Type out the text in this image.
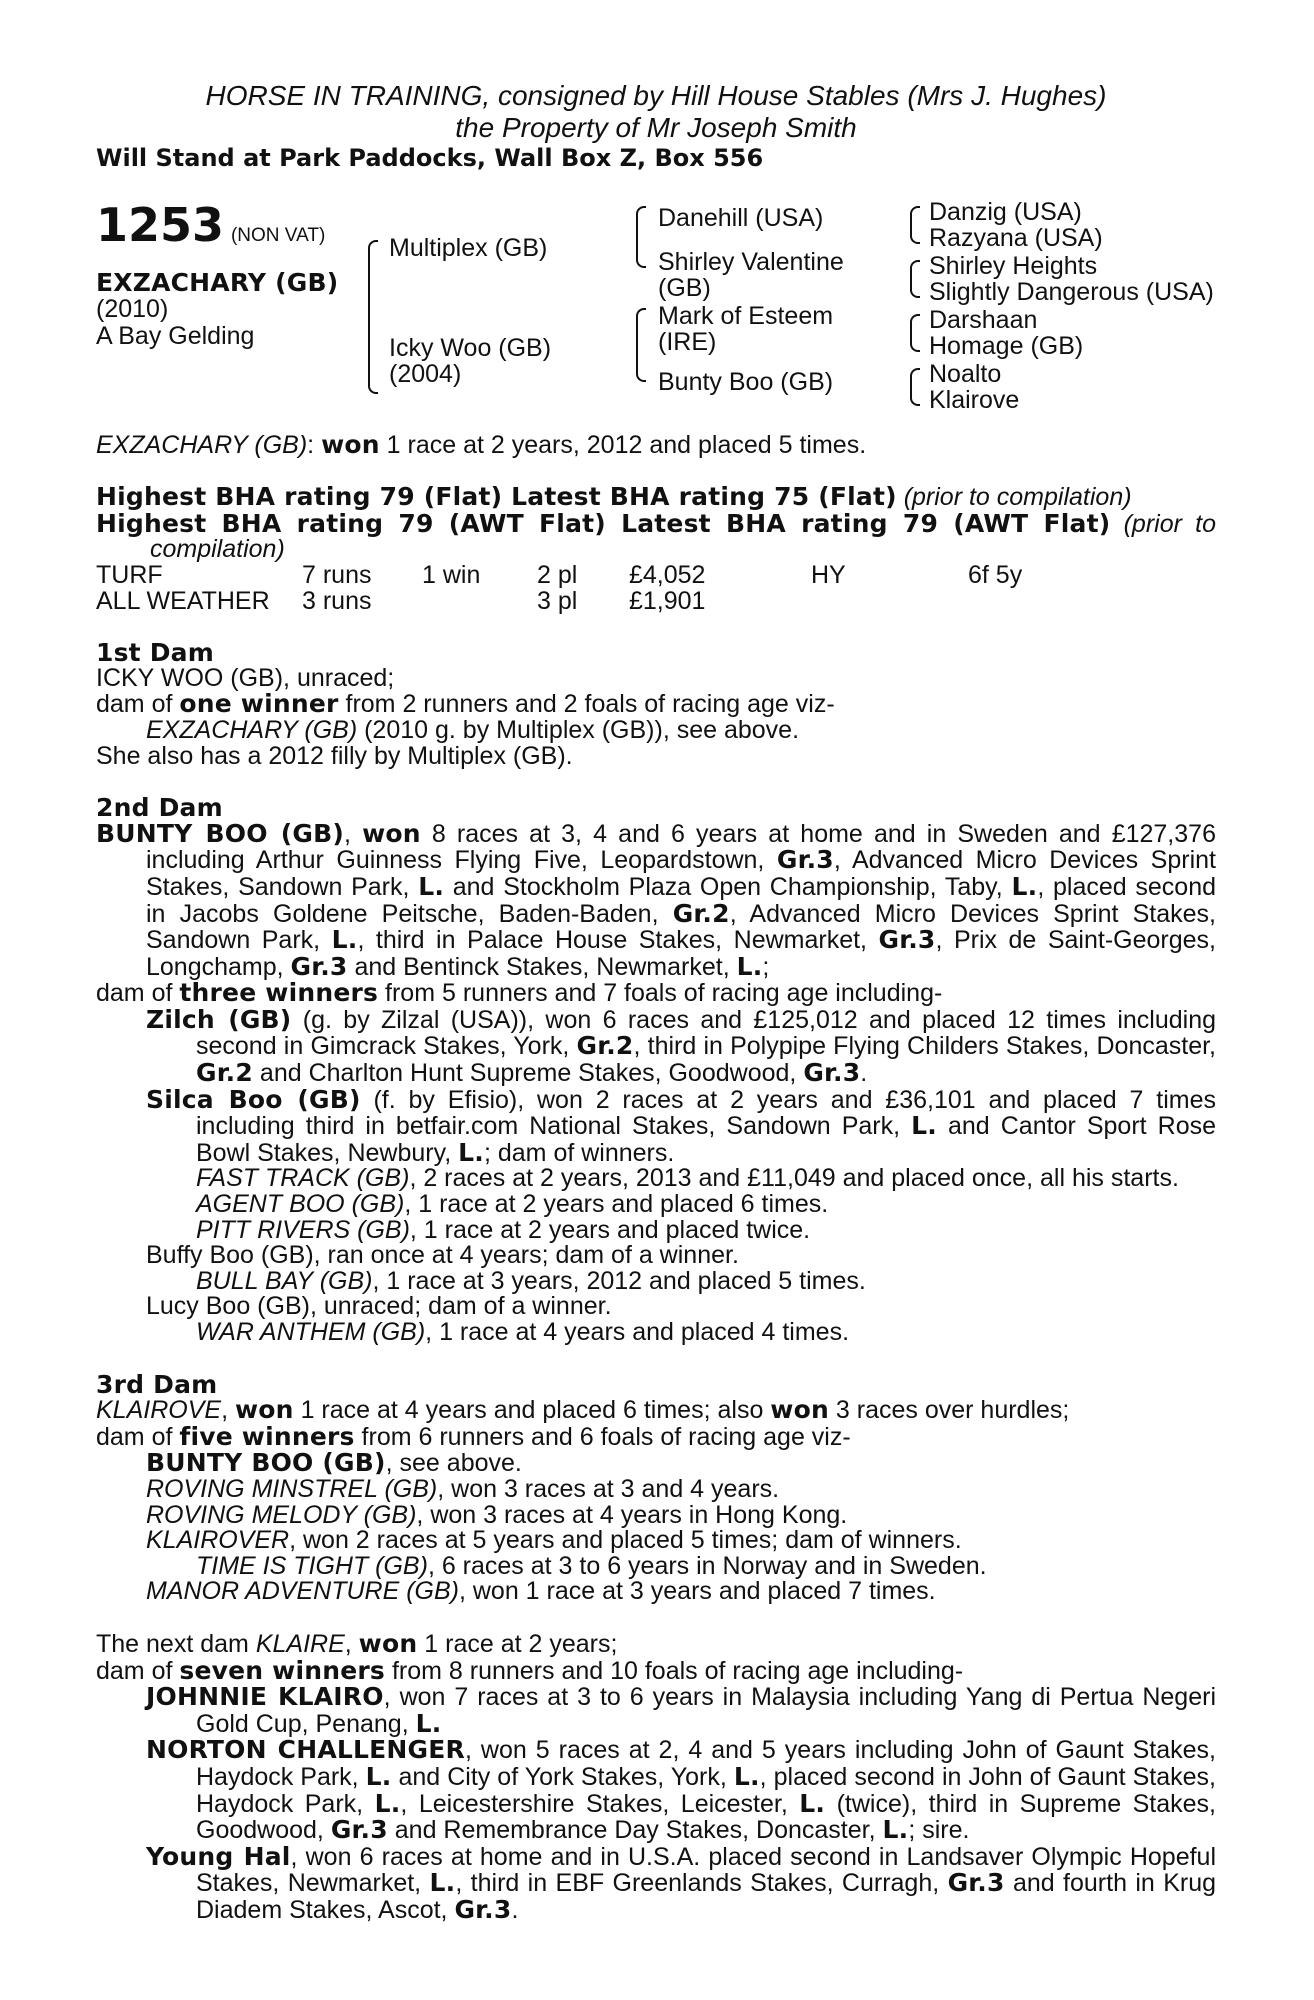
HORSE IN TRAINING, consigned by Hill House Stables (Mrs J. Hughes)
the Property of Mr Joseph Smith
Will Stand at Park Paddocks, Wall Box Z, Box 556
1253 (NON VAT)
EXZACHARY (GB)
(2010)
A Bay Gelding
Multiplex (GB)
Icky Woo (GB)
(2004)
Danehill (USA)
Shirley Valentine
(GB)
Mark of Esteem
(IRE)
Bunty Boo (GB)
Danzig (USA)
Razyana (USA)
Shirley Heights
Slightly Dangerous (USA)
Darshaan
Homage (GB)
Noalto
Klairove
EXZACHARY (GB): won 1 race at 2 years, 2012 and placed 5 times.
Highest BHA rating 79 (Flat) Latest BHA rating 75 (Flat) (prior to compilation)
Highest BHA rating 79 (AWT Flat) Latest BHA rating 79 (AWT Flat) (prior to compilation)
TURF	7 runs	1 win	2 pl	£4,052	HY	6f 5y
ALL WEATHER	3 runs	3 pl	£1,901
1st Dam
ICKY WOO (GB), unraced;
dam of one winner from 2 runners and 2 foals of racing age viz-
EXZACHARY (GB) (2010 g. by Multiplex (GB)), see above.
She also has a 2012 filly by Multiplex (GB).
2nd Dam
BUNTY BOO (GB), won 8 races at 3, 4 and 6 years at home and in Sweden and £127,376 including Arthur Guinness Flying Five, Leopardstown, Gr.3, Advanced Micro Devices Sprint Stakes, Sandown Park, L. and Stockholm Plaza Open Championship, Taby, L., placed second in Jacobs Goldene Peitsche, Baden-Baden, Gr.2, Advanced Micro Devices Sprint Stakes, Sandown Park, L., third in Palace House Stakes, Newmarket, Gr.3, Prix de Saint-Georges, Longchamp, Gr.3 and Bentinck Stakes, Newmarket, L.;
dam of three winners from 5 runners and 7 foals of racing age including-
Zilch (GB) (g. by Zilzal (USA)), won 6 races and £125,012 and placed 12 times including second in Gimcrack Stakes, York, Gr.2, third in Polypipe Flying Childers Stakes, Doncaster, Gr.2 and Charlton Hunt Supreme Stakes, Goodwood, Gr.3.
Silca Boo (GB) (f. by Efisio), won 2 races at 2 years and £36,101 and placed 7 times including third in betfair.com National Stakes, Sandown Park, L. and Cantor Sport Rose Bowl Stakes, Newbury, L.; dam of winners.
FAST TRACK (GB), 2 races at 2 years, 2013 and £11,049 and placed once, all his starts.
AGENT BOO (GB), 1 race at 2 years and placed 6 times.
PITT RIVERS (GB), 1 race at 2 years and placed twice.
Buffy Boo (GB), ran once at 4 years; dam of a winner.
BULL BAY (GB), 1 race at 3 years, 2012 and placed 5 times.
Lucy Boo (GB), unraced; dam of a winner.
WAR ANTHEM (GB), 1 race at 4 years and placed 4 times.
3rd Dam
KLAIROVE, won 1 race at 4 years and placed 6 times; also won 3 races over hurdles;
dam of five winners from 6 runners and 6 foals of racing age viz-
BUNTY BOO (GB), see above.
ROVING MINSTREL (GB), won 3 races at 3 and 4 years.
ROVING MELODY (GB), won 3 races at 4 years in Hong Kong.
KLAIROVER, won 2 races at 5 years and placed 5 times; dam of winners.
TIME IS TIGHT (GB), 6 races at 3 to 6 years in Norway and in Sweden.
MANOR ADVENTURE (GB), won 1 race at 3 years and placed 7 times.
The next dam KLAIRE, won 1 race at 2 years;
dam of seven winners from 8 runners and 10 foals of racing age including-
JOHNNIE KLAIRO, won 7 races at 3 to 6 years in Malaysia including Yang di Pertua Negeri Gold Cup, Penang, L.
NORTON CHALLENGER, won 5 races at 2, 4 and 5 years including John of Gaunt Stakes, Haydock Park, L. and City of York Stakes, York, L., placed second in John of Gaunt Stakes, Haydock Park, L., Leicestershire Stakes, Leicester, L. (twice), third in Supreme Stakes, Goodwood, Gr.3 and Remembrance Day Stakes, Doncaster, L.; sire.
Young Hal, won 6 races at home and in U.S.A. placed second in Landsaver Olympic Hopeful Stakes, Newmarket, L., third in EBF Greenlands Stakes, Curragh, Gr.3 and fourth in Krug Diadem Stakes, Ascot, Gr.3.
